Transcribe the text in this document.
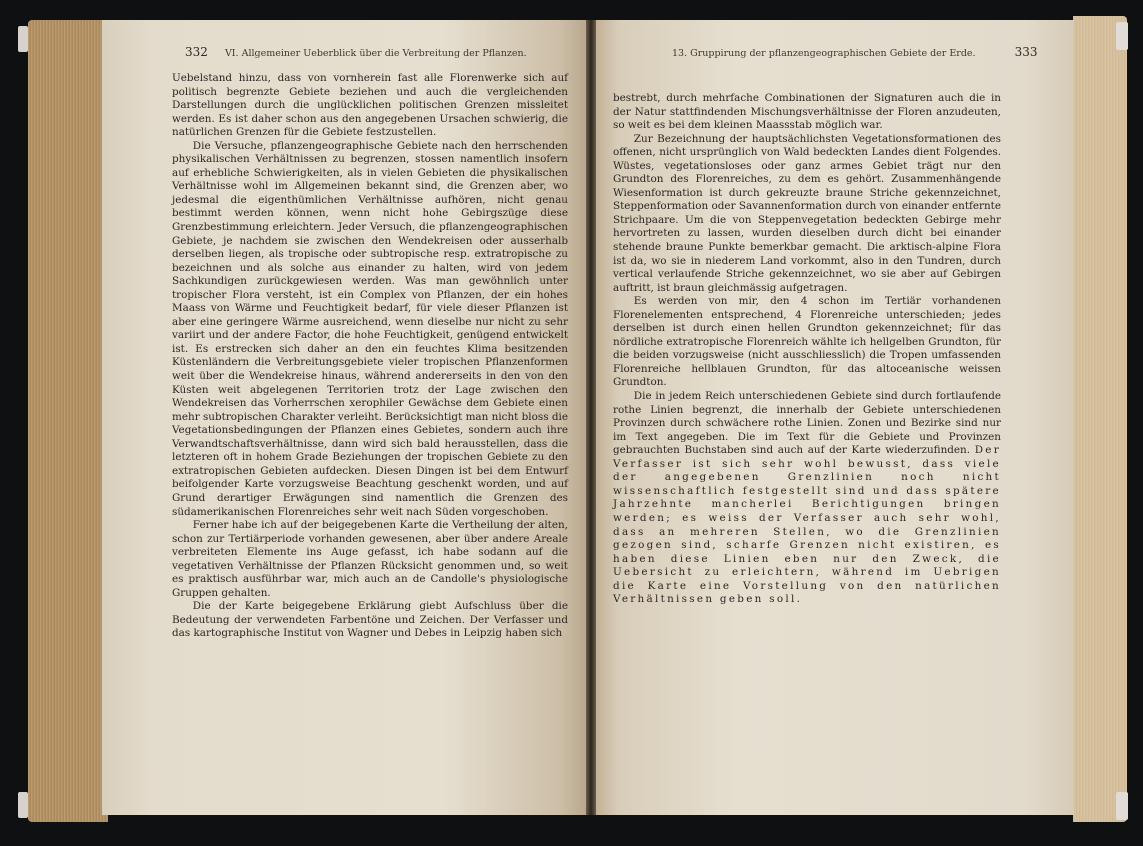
332 VI. Allgemeiner Ueberblick über die Verbreitung der Pflanzen.	13. Gruppirung der pflanzengeographischen Gebiete der Erde.	333

Uebelstand hinzu, dass von vornherein fast alle Florenwerke sich auf politisch begrenzte Gebiete beziehen und auch die vergleichenden Darstellungen durch die unglücklichen politischen Grenzen missleitet werden. Es ist daher schon aus den angegebenen Ursachen schwierig, die natürlichen Grenzen für die Gebiete festzustellen.

Die Versuche, pflanzengeographische Gebiete nach den herrschenden physikalischen Verhältnissen zu begrenzen, stossen namentlich insofern auf erhebliche Schwierigkeiten, als in vielen Gebieten die physikalischen Verhältnisse wohl im Allgemeinen bekannt sind, die Grenzen aber, wo jedesmal die eigenthümlichen Verhältnisse aufhören, nicht genau bestimmt werden können, wenn nicht hohe Gebirgszüge diese Grenzbestimmung erleichtern. Jeder Versuch, die pflanzengeographischen Gebiete, je nachdem sie zwischen den Wendekreisen oder ausserhalb derselben liegen, als tropische oder subtropische resp. extratropische zu bezeichnen und als solche aus einander zu halten, wird von jedem Sachkundigen zurückgewiesen werden. Was man gewöhnlich unter tropischer Flora versteht, ist ein Complex von Pflanzen, der ein hohes Maass von Wärme und Feuchtigkeit bedarf, für viele dieser Pflanzen ist aber eine geringere Wärme ausreichend, wenn dieselbe nur nicht zu sehr variirt und der andere Factor, die hohe Feuchtigkeit, genügend entwickelt ist. Es erstrecken sich daher an den ein feuchtes Klima besitzenden Küstenländern die Verbreitungsgebiete vieler tropischen Pflanzenformen weit über die Wendekreise hinaus, während andererseits in den von den Küsten weit abgelegenen Territorien trotz der Lage zwischen den Wendekreisen das Vorherrschen xerophiler Gewächse dem Gebiete einen mehr subtropischen Charakter verleiht. Berücksichtigt man nicht bloss die Vegetationsbedingungen der Pflanzen eines Gebietes, sondern auch ihre Verwandtschaftsverhältnisse, dann wird sich bald herausstellen, dass die letzteren oft in hohem Grade Beziehungen der tropischen Gebiete zu den extratropischen Gebieten aufdecken. Diesen Dingen ist bei dem Entwurf beifolgender Karte vorzugsweise Beachtung geschenkt worden, und auf Grund derartiger Erwägungen sind namentlich die Grenzen des südamerikanischen Florenreiches sehr weit nach Süden vorgeschoben.

Ferner habe ich auf der beigegebenen Karte die Vertheilung der alten, schon zur Tertiärperiode vorhanden gewesenen, aber über andere Areale verbreiteten Elemente ins Auge gefasst, ich habe sodann auf die vegetativen Verhältnisse der Pflanzen Rücksicht genommen und, so weit es praktisch ausführbar war, mich auch an de Candolle's physiologische Gruppen gehalten.

Die der Karte beigegebene Erklärung giebt Aufschluss über die Bedeutung der verwendeten Farbentöne und Zeichen. Der Verfasser und das kartographische Institut von Wagner und Debes in Leipzig haben sich

bestrebt, durch mehrfache Combinationen der Signaturen auch die in der Natur stattfindenden Mischungsverhältnisse der Floren anzudeuten, so weit es bei dem kleinen Maassstab möglich war.

Zur Bezeichnung der hauptsächlichsten Vegetationsformationen des offenen, nicht ursprünglich von Wald bedeckten Landes dient Folgendes. Wüstes, vegetationsloses oder ganz armes Gebiet trägt nur den Grundton des Florenreiches, zu dem es gehört. Zusammenhängende Wiesenformation ist durch gekreuzte braune Striche gekennzeichnet, Steppenformation oder Savannenformation durch von einander entfernte Strichpaare. Um die von Steppenvegetation bedeckten Gebirge mehr hervortreten zu lassen, wurden dieselben durch dicht bei einander stehende braune Punkte bemerkbar gemacht. Die arktisch-alpine Flora ist da, wo sie in niederem Land vorkommt, also in den Tundren, durch vertical verlaufende Striche gekennzeichnet, wo sie aber auf Gebirgen auftritt, ist braun gleichmässig aufgetragen.

Es werden von mir, den 4 schon im Tertiär vorhandenen Florenelementen entsprechend, 4 Florenreiche unterschieden; jedes derselben ist durch einen hellen Grundton gekennzeichnet; für das nördliche extratropische Florenreich wählte ich hellgelben Grundton, für die beiden vorzugsweise (nicht ausschliesslich) die Tropen umfassenden Florenreiche hellblauen Grundton, für das altoceanische weissen Grundton.

Die in jedem Reich unterschiedenen Gebiete sind durch fortlaufende rothe Linien begrenzt, die innerhalb der Gebiete unterschiedenen Provinzen durch schwächere rothe Linien. Zonen und Bezirke sind nur im Text angegeben. Die im Text für die Gebiete und Provinzen gebrauchten Buchstaben sind auch auf der Karte wiederzufinden. Der Verfasser ist sich sehr wohl bewusst, dass viele der angegebenen Grenzlinien noch nicht wissenschaftlich festgestellt sind und dass spätere Jahrzehnte mancherlei Berichtigungen bringen werden; es weiss der Verfasser auch sehr wohl, dass an mehreren Stellen, wo die Grenzlinien gezogen sind, scharfe Grenzen nicht existiren, es haben diese Linien eben nur den Zweck, die Uebersicht zu erleichtern, während im Uebrigen die Karte eine Vorstellung von den natürlichen Verhältnissen geben soll.
